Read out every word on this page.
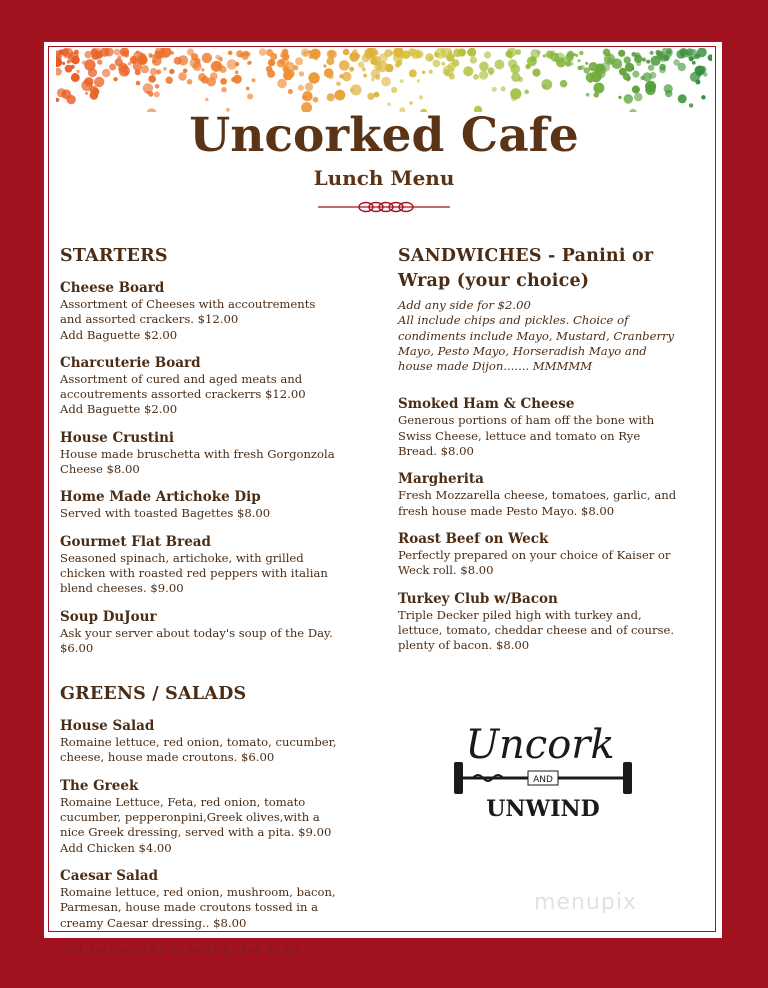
Uncorked Cafe
Lunch Menu
STARTERS
Cheese Board
Assortment of Cheeses with accoutrements
and assorted crackers. $12.00
Add Baguette $2.00
Charcuterie Board
Assortment of cured and aged meats and
accoutrements assorted crackerrs $12.00
Add Baguette $2.00
House Crustini
House made bruschetta with fresh Gorgonzola
Cheese $8.00
Home Made Artichoke Dip
Served with toasted Bagettes $8.00
Gourmet Flat Bread
Seasoned spinach, artichoke, with grilled
chicken with roasted red peppers with italian
blend cheeses. $9.00
Soup DuJour
Ask your server about today's soup of the Day.
$6.00
GREENS / SALADS
House Salad
Romaine lettuce, red onion, tomato, cucumber,
cheese, house made croutons. $6.00
The Greek
Romaine Lettuce, Feta, red onion, tomato
cucumber, pepperonpini,Greek olives,with a
nice Greek dressing, served with a pita. $9.00
Add Chicken $4.00
Caesar Salad
Romaine lettuce, red onion, mushroom, bacon,
Parmesan, house made croutons tossed in a
creamy Caesar dressing.. $8.00
SANDWICHES - Panini or
Wrap (your choice)
Add any side for $2.00
All include chips and pickles. Choice of
condiments include Mayo, Mustard, Cranberry
Mayo, Pesto Mayo, Horseradish Mayo and
house made Dijon....... MMMMM
Smoked Ham & Cheese
Generous portions of ham off the bone with
Swiss Cheese, lettuce and tomato on Rye
Bread. $8.00
Margherita
Fresh Mozzarella cheese, tomatoes, garlic, and
fresh house made Pesto Mayo. $8.00
Roast Beef on Weck
Perfectly prepared on your choice of Kaiser or
Weck roll. $8.00
Turkey Club w/Bacon
Triple Decker piled high with turkey and,
lettuce, tomato, cheddar cheese and of course.
plenty of bacon. $8.00
Uncork
AND
UNWIND
menupix
Add Anchovies $2.00 Add Chicken $4.00
